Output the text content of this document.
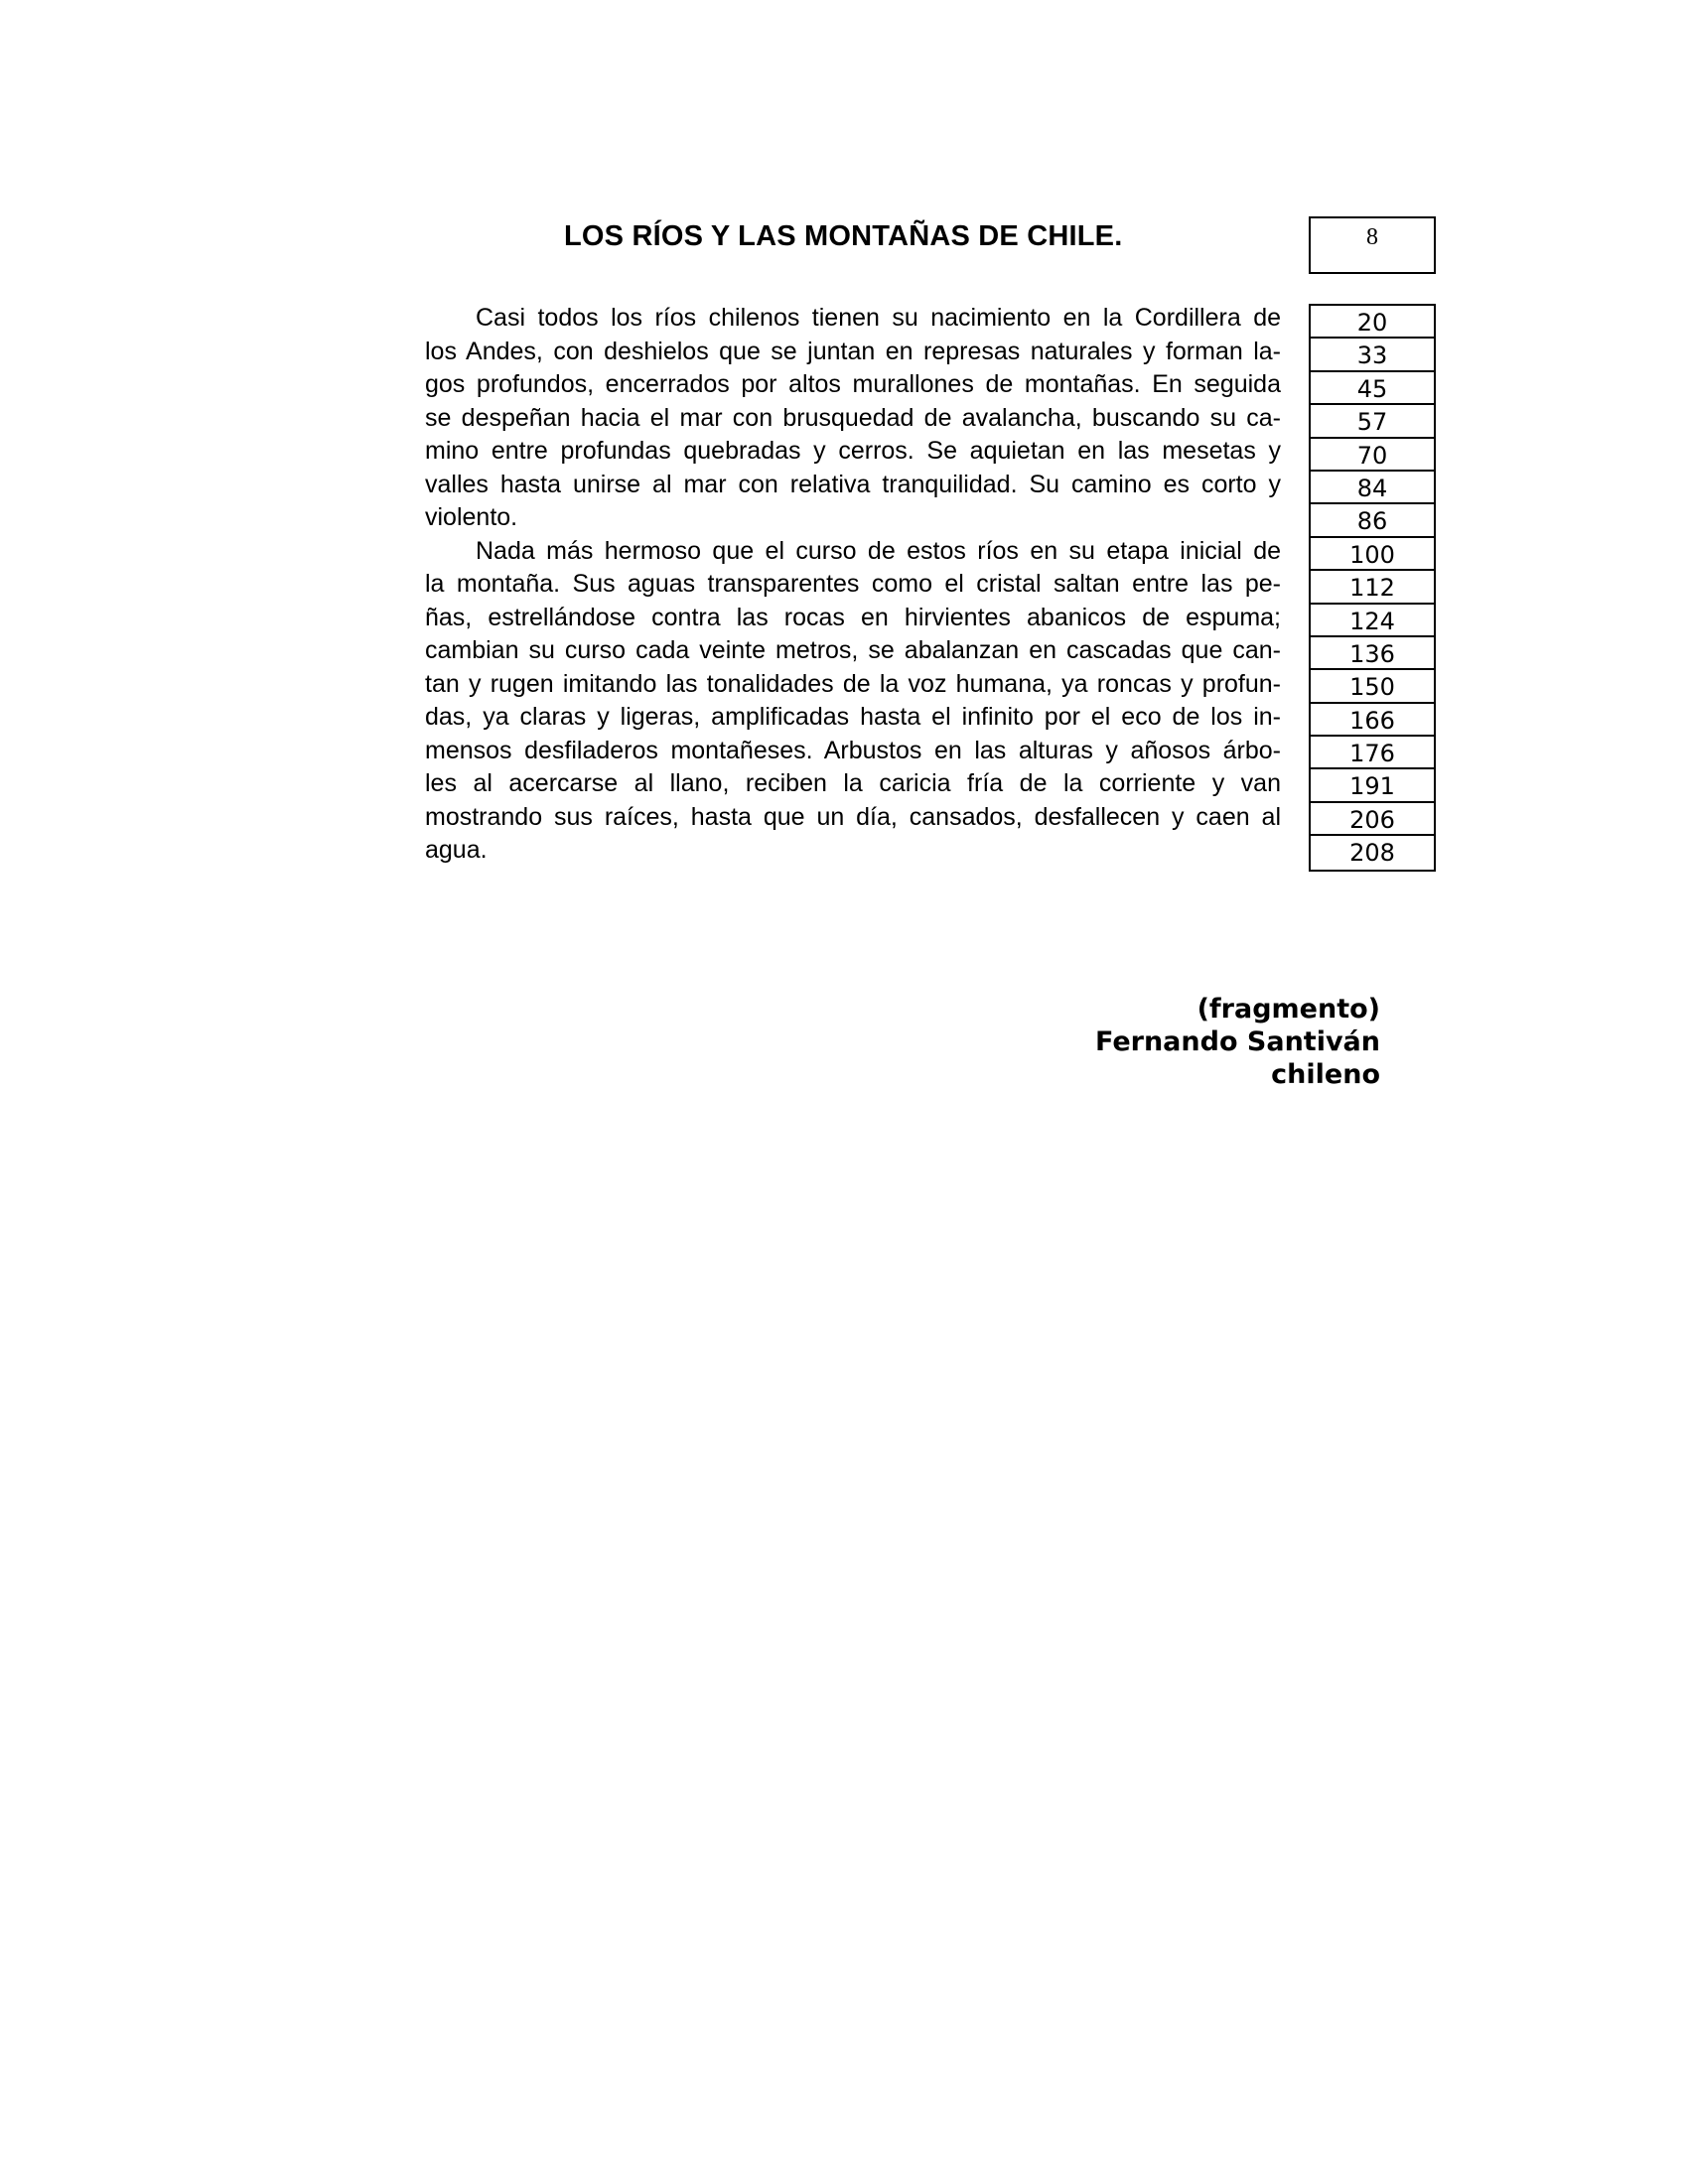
LOS RÍOS Y LAS MONTAÑAS DE CHILE.	8
Casi todos los ríos chilenos tienen su nacimiento en la Cordillera de
los Andes, con deshielos que se juntan en represas naturales y forman la-
gos profundos, encerrados por altos murallones de montañas. En seguida
se despeñan hacia el mar con brusquedad de avalancha, buscando su ca-
mino entre profundas quebradas y cerros. Se aquietan en las mesetas y
valles hasta unirse al mar con relativa tranquilidad. Su camino es corto y
violento.
Nada más hermoso que el curso de estos ríos en su etapa inicial de
la montaña. Sus aguas transparentes como el cristal saltan entre las pe-
ñas, estrellándose contra las rocas en hirvientes abanicos de espuma;
cambian su curso cada veinte metros, se abalanzan en cascadas que can-
tan y rugen imitando las tonalidades de la voz humana, ya roncas y profun-
das, ya claras y ligeras, amplificadas hasta el infinito por el eco de los in-
mensos desfiladeros montañeses. Arbustos en las alturas y añosos árbo-
les al acercarse al llano, reciben la caricia fría de la corriente y van
mostrando sus raíces, hasta que un día, cansados, desfallecen y caen al
agua.
20
33
45
57
70
84
86
100
112
124
136
150
166
176
191
206
208
(fragmento)
Fernando Santiván
chileno
